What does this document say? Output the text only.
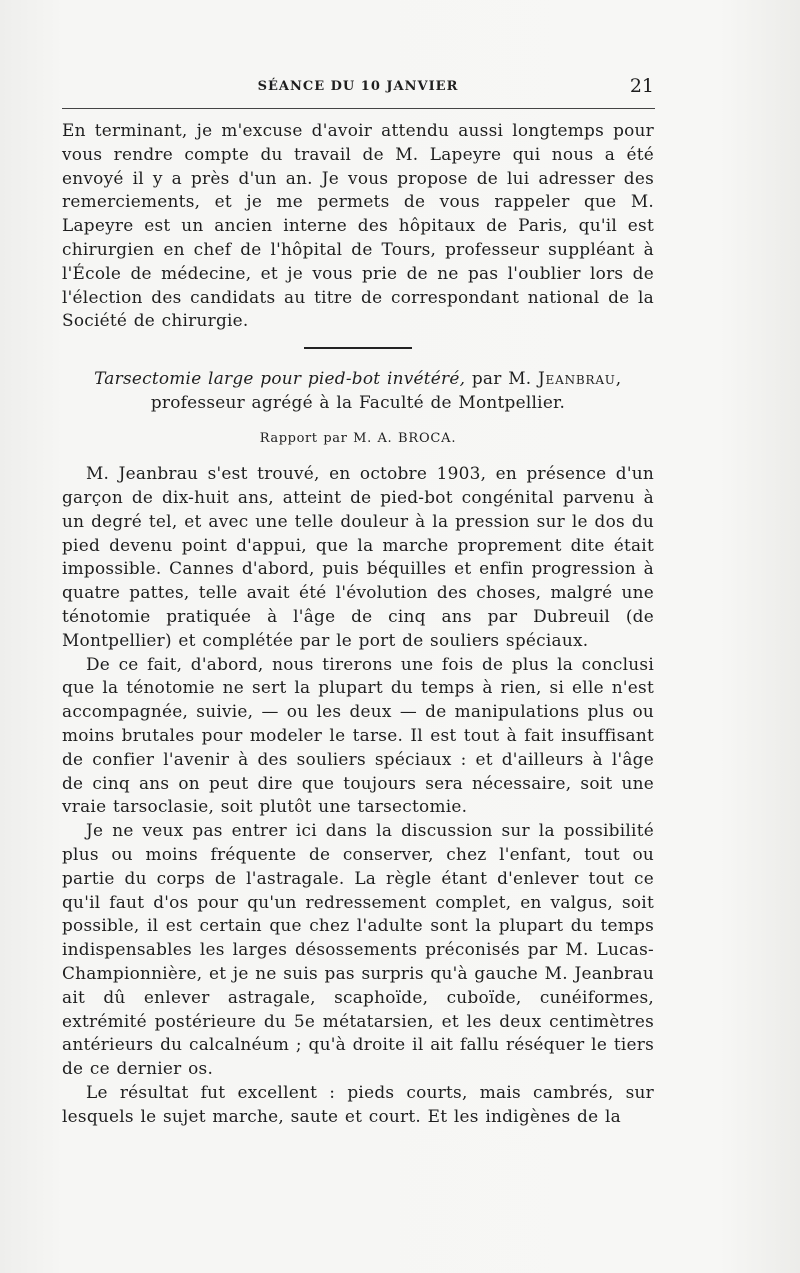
SÉANCE DU 10 JANVIER	21

En terminant, je m'excuse d'avoir attendu aussi longtemps pour vous rendre compte du travail de M. Lapeyre qui nous a été envoyé il y a près d'un an. Je vous propose de lui adresser des remerciements, et je me permets de vous rappeler que M. Lapeyre est un ancien interne des hôpitaux de Paris, qu'il est chirurgien en chef de l'hôpital de Tours, professeur suppléant à l'École de médecine, et je vous prie de ne pas l'oublier lors de l'élection des candidats au titre de correspondant national de la Société de chirurgie.

Tarsectomie large pour pied-bot invétéré, par M. Jeanbrau,
professeur agrégé à la Faculté de Montpellier.

Rapport par M. A. BROCA.

M. Jeanbrau s'est trouvé, en octobre 1903, en présence d'un garçon de dix-huit ans, atteint de pied-bot congénital parvenu à un degré tel, et avec une telle douleur à la pression sur le dos du pied devenu point d'appui, que la marche proprement dite était impossible. Cannes d'abord, puis béquilles et enfin progression à quatre pattes, telle avait été l'évolution des choses, malgré une ténotomie pratiquée à l'âge de cinq ans par Dubreuil (de Montpellier) et complétée par le port de souliers spéciaux.

De ce fait, d'abord, nous tirerons une fois de plus la conclusi que la ténotomie ne sert la plupart du temps à rien, si elle n'est accompagnée, suivie, — ou les deux — de manipulations plus ou moins brutales pour modeler le tarse. Il est tout à fait insuffisant de confier l'avenir à des souliers spéciaux : et d'ailleurs à l'âge de cinq ans on peut dire que toujours sera nécessaire, soit une vraie tarsoclasie, soit plutôt une tarsectomie.

Je ne veux pas entrer ici dans la discussion sur la possibilité plus ou moins fréquente de conserver, chez l'enfant, tout ou partie du corps de l'astragale. La règle étant d'enlever tout ce qu'il faut d'os pour qu'un redressement complet, en valgus, soit possible, il est certain que chez l'adulte sont la plupart du temps indispensables les larges désossements préconisés par M. Lucas-Championnière, et je ne suis pas surpris qu'à gauche M. Jeanbrau ait dû enlever astragale, scaphoïde, cuboïde, cunéiformes, extrémité postérieure du 5e métatarsien, et les deux centimètres antérieurs du calcalnéum ; qu'à droite il ait fallu réséquer le tiers de ce dernier os.

Le résultat fut excellent : pieds courts, mais cambrés, sur lesquels le sujet marche, saute et court. Et les indigènes de la
